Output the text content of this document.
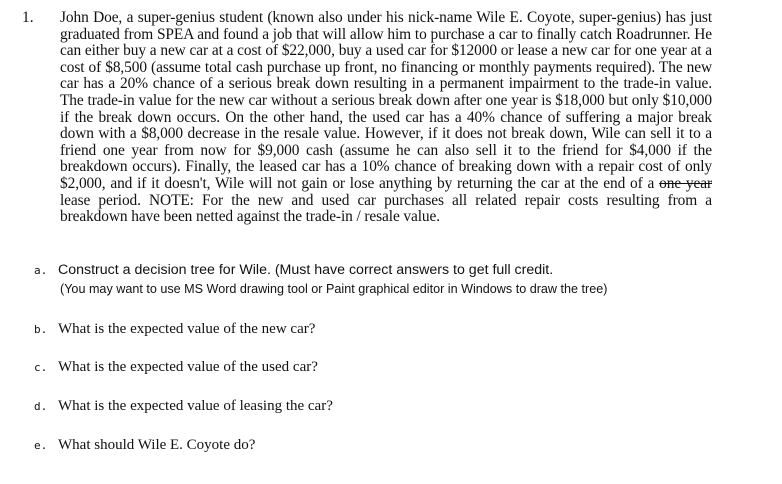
1. John Doe, a super-genius student (known also under his nick-name Wile E. Coyote, super-genius) has just graduated from SPEA and found a job that will allow him to purchase a car to finally catch Roadrunner. He can either buy a new car at a cost of $22,000, buy a used car for $12000 or lease a new car for one year at a cost of $8,500 (assume total cash purchase up front, no financing or monthly payments required). The new car has a 20% chance of a serious break down resulting in a permanent impairment to the trade-in value. The trade-in value for the new car without a serious break down after one year is $18,000 but only $10,000 if the break down occurs. On the other hand, the used car has a 40% chance of suffering a major break down with a $8,000 decrease in the resale value. However, if it does not break down, Wile can sell it to a friend one year from now for $9,000 cash (assume he can also sell it to the friend for $4,000 if the breakdown occurs). Finally, the leased car has a 10% chance of breaking down with a repair cost of only $2,000, and if it doesn't, Wile will not gain or lose anything by returning the car at the end of a one year lease period. NOTE: For the new and used car purchases all related repair costs resulting from a breakdown have been netted against the trade-in / resale value.
a. Construct a decision tree for Wile. (Must have correct answers to get full credit.
(You may want to use MS Word drawing tool or Paint graphical editor in Windows to draw the tree)
b. What is the expected value of the new car?
c. What is the expected value of the used car?
d. What is the expected value of leasing the car?
e. What should Wile E. Coyote do?
